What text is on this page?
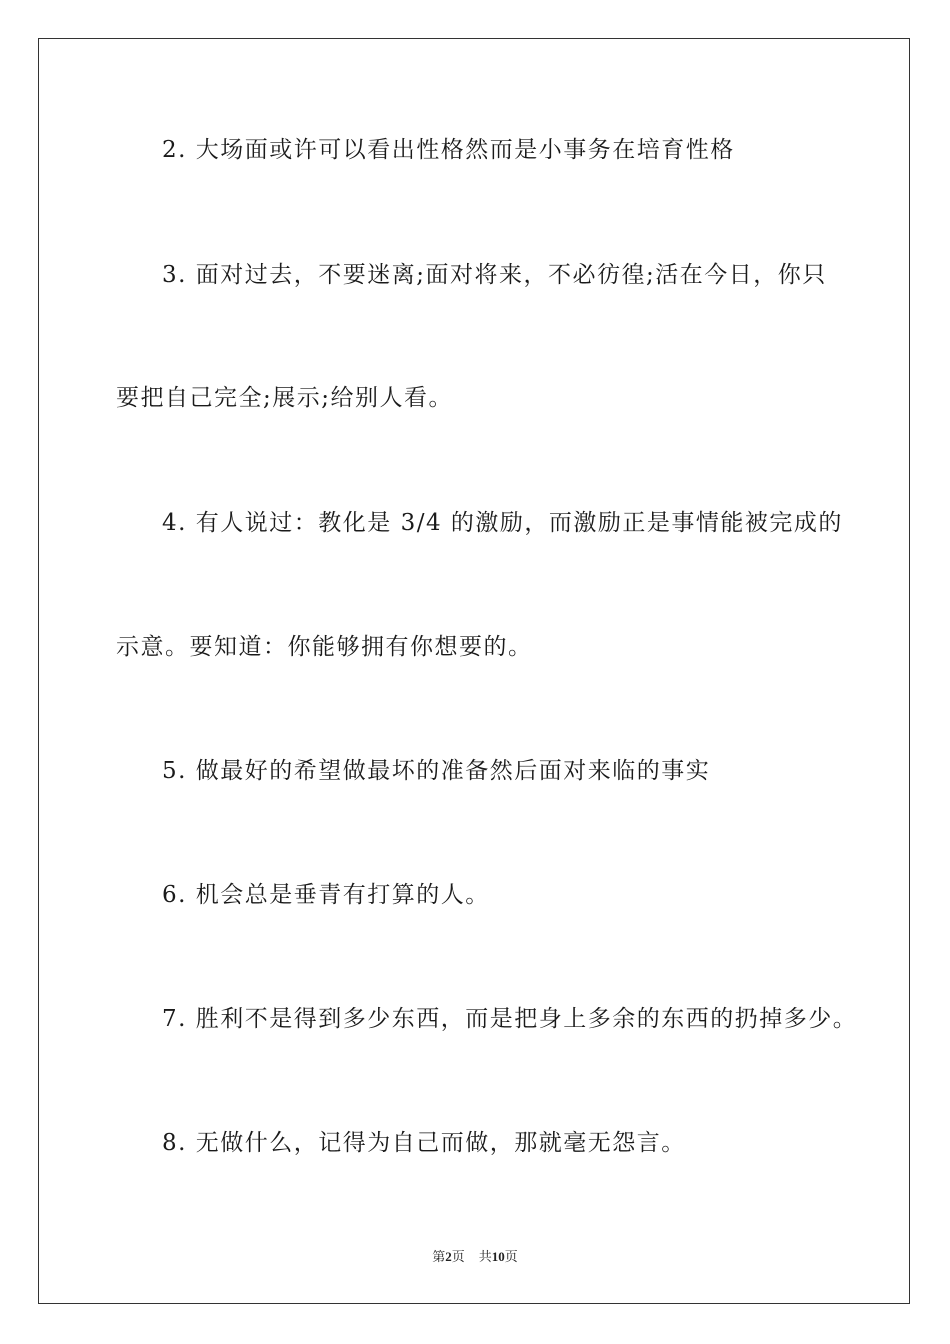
2. 大场面或许可以看出性格然而是小事务在培育性格
3. 面对过去，不要迷离;面对将来，不必彷徨;活在今日，你只
要把自己完全;展示;给别人看。
4. 有人说过：教化是 3/4 的激励，而激励正是事情能被完成的
示意。要知道：你能够拥有你想要的。
5. 做最好的希望做最坏的准备然后面对来临的事实
6. 机会总是垂青有打算的人。
7. 胜利不是得到多少东西，而是把身上多余的东西的扔掉多少。
8. 无做什么，记得为自己而做，那就毫无怨言。
第2页 共10页
